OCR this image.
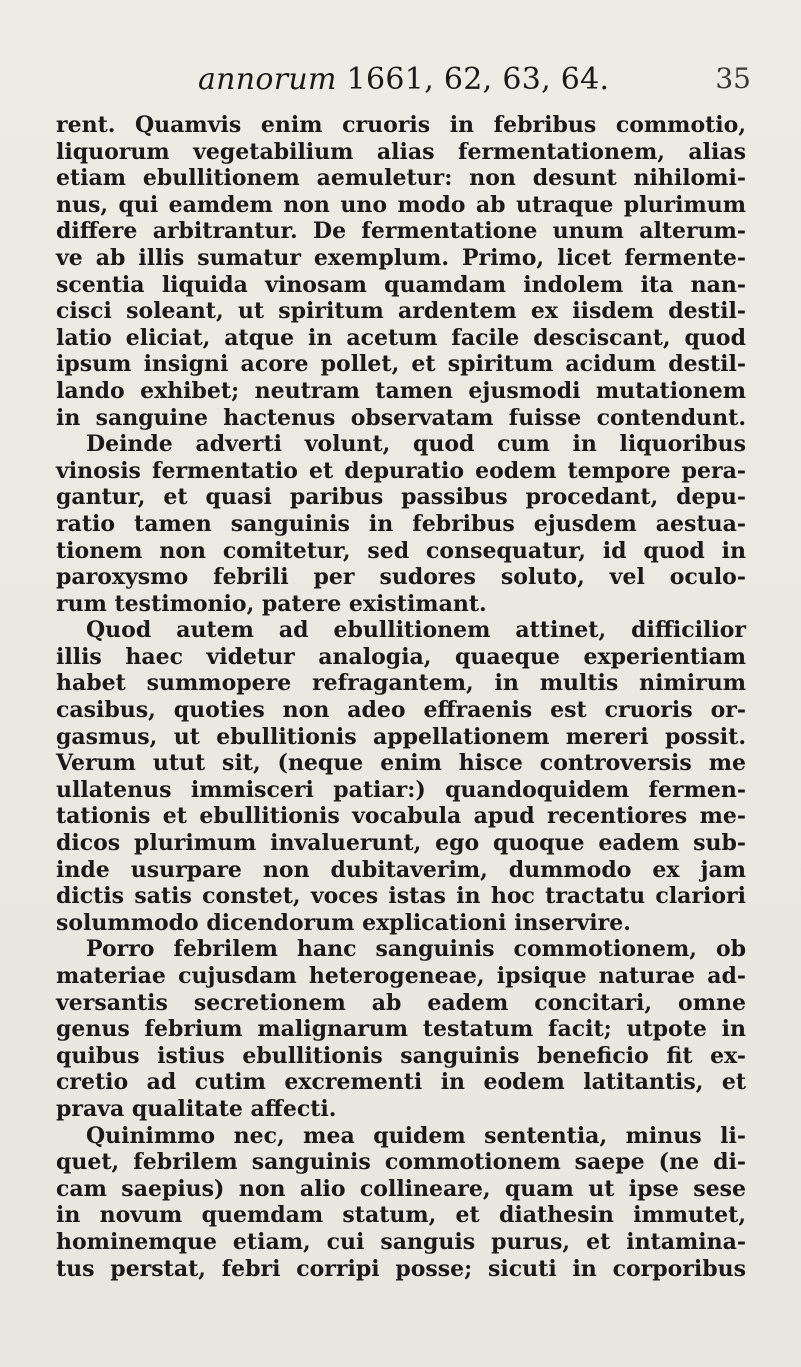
annorum 1661, 62, 63, 64.	35
rent. Quamvis enim cruoris in febribus commotio,
liquorum vegetabilium alias fermentationem, alias
etiam ebullitionem aemuletur: non desunt nihilomi-
nus, qui eamdem non uno modo ab utraque plurimum
differe arbitrantur. De fermentatione unum alterum-
ve ab illis sumatur exemplum. Primo, licet fermente-
scentia liquida vinosam quamdam indolem ita nan-
cisci soleant, ut spiritum ardentem ex iisdem destil-
latio eliciat, atque in acetum facile desciscant, quod
ipsum insigni acore pollet, et spiritum acidum destil-
lando exhibet; neutram tamen ejusmodi mutationem
in sanguine hactenus observatam fuisse contendunt.
Deinde adverti volunt, quod cum in liquoribus
vinosis fermentatio et depuratio eodem tempore pera-
gantur, et quasi paribus passibus procedant, depu-
ratio tamen sanguinis in febribus ejusdem aestua-
tionem non comitetur, sed consequatur, id quod in
paroxysmo febrili per sudores soluto, vel oculo-
rum testimonio, patere existimant.
Quod autem ad ebullitionem attinet, difficilior
illis haec videtur analogia, quaeque experientiam
habet summopere refragantem, in multis nimirum
casibus, quoties non adeo effraenis est cruoris or-
gasmus, ut ebullitionis appellationem mereri possit.
Verum utut sit, (neque enim hisce controversis me
ullatenus immisceri patiar:) quandoquidem fermen-
tationis et ebullitionis vocabula apud recentiores me-
dicos plurimum invaluerunt, ego quoque eadem sub-
inde usurpare non dubitaverim, dummodo ex jam
dictis satis constet, voces istas in hoc tractatu clariori
solummodo dicendorum explicationi inservire.
Porro febrilem hanc sanguinis commotionem, ob
materiae cujusdam heterogeneae, ipsique naturae ad-
versantis secretionem ab eadem concitari, omne
genus febrium malignarum testatum facit; utpote in
quibus istius ebullitionis sanguinis beneficio fit ex-
cretio ad cutim excrementi in eodem latitantis, et
prava qualitate affecti.
Quinimmo nec, mea quidem sententia, minus li-
quet, febrilem sanguinis commotionem saepe (ne di-
cam saepius) non alio collineare, quam ut ipse sese
in novum quemdam statum, et diathesin immutet,
hominemque etiam, cui sanguis purus, et intamina-
tus perstat, febri corripi posse; sicuti in corporibus
